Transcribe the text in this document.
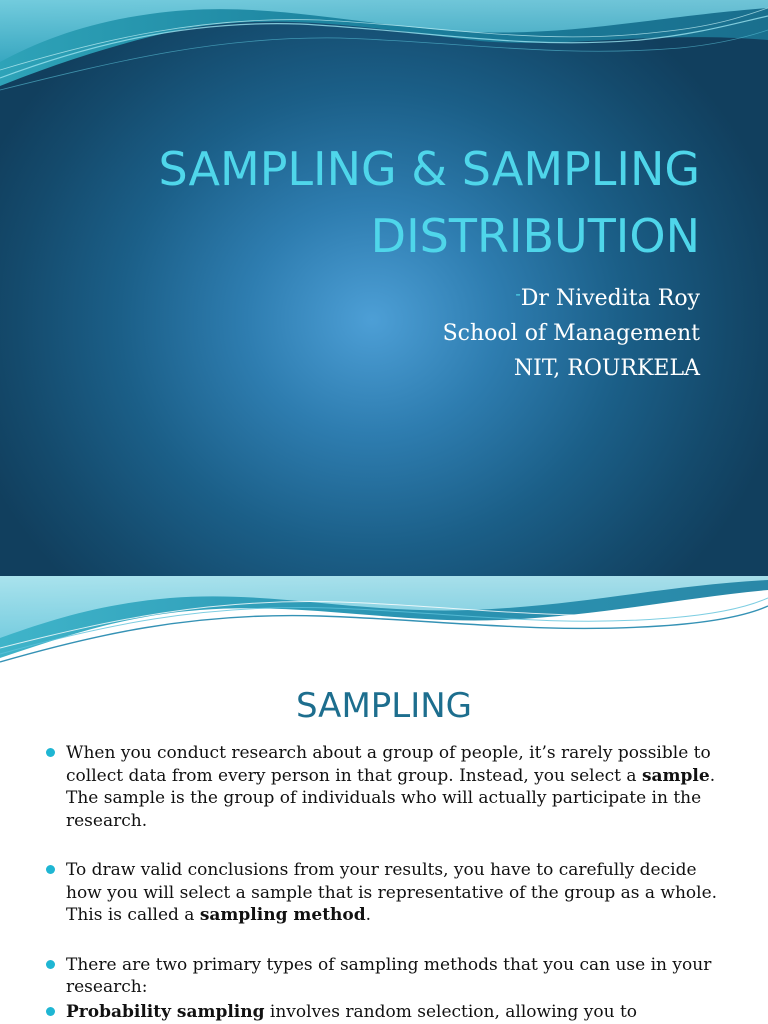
SAMPLING & SAMPLING
DISTRIBUTION
-Dr Nivedita Roy
School of Management
NIT, ROURKELA
SAMPLING
When you conduct research about a group of people, it’s rarely possible to collect data from every person in that group. Instead, you select a sample. The sample is the group of individuals who will actually participate in the research.
To draw valid conclusions from your results, you have to carefully decide how you will select a sample that is representative of the group as a whole. This is called a sampling method.
There are two primary types of sampling methods that you can use in your research:
Probability sampling involves random selection, allowing you to
